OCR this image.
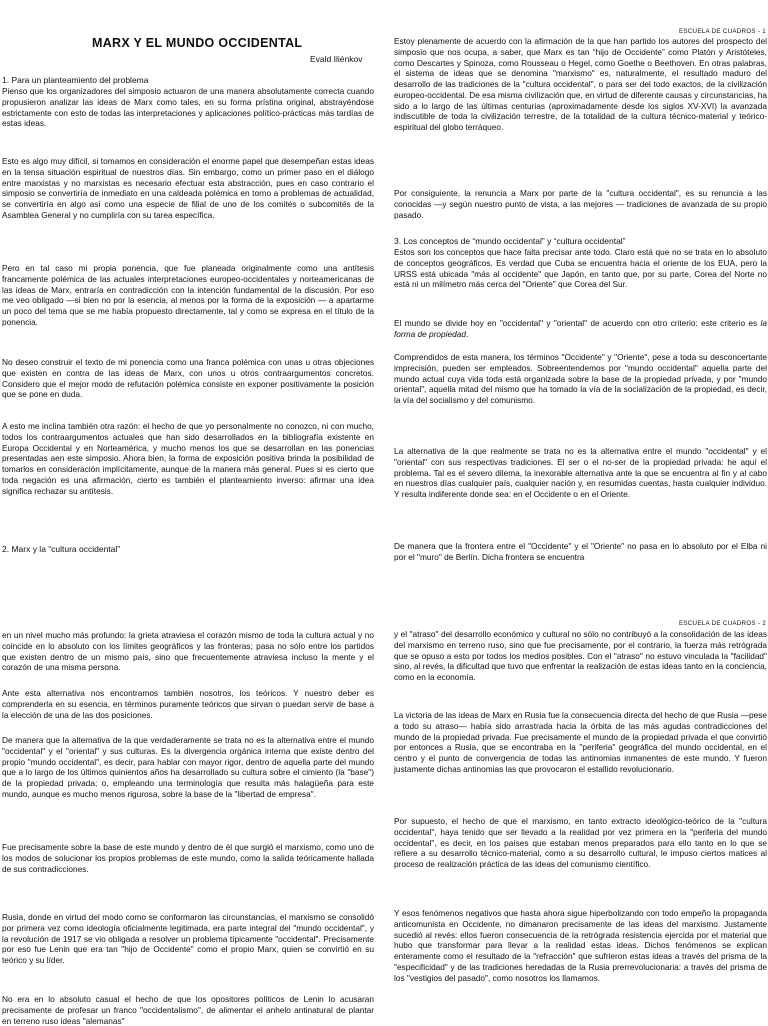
MARX Y EL MUNDO OCCIDENTAL
Evald Iliénkov
1. Para un planteamiento del problema

Pienso que los organizadores del simposio actuaron de una manera absolutamente correcta cuando propusieron analizar las ideas de Marx como tales, en su forma prístina original, abstrayéndose estrictamente con esto de todas las interpretaciones y aplicaciones político-prácticas más tardías de estas ideas.

Esto es algo muy difícil, si tomamos en consideración el enorme papel que desempeñan estas ideas en la tensa situación espiritual de nuestros días. Sin embargo, como un primer paso en el diálogo entre marxistas y no marxistas es necesario efectuar esta abstracción, pues en caso contrario el simposio se convertiría de inmediato en una caldeada polémica en torno a problemas de actualidad, se convertiría en algo así como una especie de filial de uno de los comités o subcomités de la Asamblea General y no cumpliría con su tarea específica.

Pero en tal caso mi propia ponencia, que fue planeada originalmente como una antítesis francamente polémica de las actuales interpretaciones europeo-occidentales y norteamericanas de las ideas de Marx, entraría en contradicción con la intención fundamental de la discusión. Por eso me veo obligado —si bien no por la esencia, al menos por la forma de la exposición — a apartarme un poco del tema que se me había propuesto directamente, tal y como se expresa en el título de la ponencia.

No deseo construir el texto de mi ponencia como una franca polémica con unas u otras objeciones que existen en contra de las ideas de Marx, con unos u otros contraargumentos concretos. Considero que el mejor modo de refutación polémica consiste en exponer positivamente la posición que se pone en duda.

A esto me inclina también otra razón: el hecho de que yo personalmente no conozco, ni con mucho, todos los contraargumentos actuales que han sido desarrollados en la bibliografía existente en Europa Occidental y en Norteamérica, y mucho menos los que se desarrollan en las ponencias presentadas aen este simposio. Ahora bien, la forma de exposición positiva brinda la posibilidad de tomarlos en consideración implícitamente, aunque de la manera más general. Pues si es cierto que toda negación es una afirmación, cierto es también el planteamiento inverso: afirmar una idea significa rechazar su antítesis.

2. Marx y la “cultura occidental”
ESCUELA DE CUADROS - 1

Estoy plenamente de acuerdo con la afirmación de la que han partido los autores del prospecto del simposio que nos ocupa, a saber, que Marx es tan “hijo de Occidente” como Platón y Aristóteles, como Descartes y Spinoza, como Rousseau o Hegel, como Goethe o Beethoven. En otras palabras, el sistema de ideas que se denomina "marxismo" es, naturalmente, el resultado maduro del desarrollo de las tradiciones de la "cultura occidental", o para ser del todo exactos, de la civilización europeo-occidental. De esa misma civilización que, en virtud de diferente causas y circunstancias, ha sido a lo largo de las últimas centurias (aproximadamente desde los siglos XV-XVI) la avanzada indiscutible de toda la civilización terrestre, de la totalidad de la cultura técnico-material y teórico-espiritual del globo terráqueo.

Por consiguiente, la renuncia a Marx por parte de la "cultura occidental", es su renuncia a las conocidas —y según nuestro punto de vista, a las mejores — tradiciones de avanzada de su propio pasado.

3. Los conceptos de “mundo occidental” y “cultura occidental”

Estos son los conceptos que hace falta precisar ante todo. Claro está que no se trata en lo absoluto de conceptos geográficos. Es verdad que Cuba se encuentra hacia el oriente de los EUA, pero la URSS está ubicada "más al occidente" que Japón, en tanto que, por su parte, Corea del Norte no está ni un milímetro más cerca del "Oriente" que Corea del Sur.

El mundo se divide hoy en "occidental" y "oriental" de acuerdo con otro criterio: este criterio es la forma de propiedad.

Comprendidos de esta manera, los términos "Occidente" y "Oriente", pese a toda su desconcertante imprecisión, pueden ser empleados. Sobreentendemos por "mundo occidental" aquella parte del mundo actual cuya vida toda está organizada sobre la base de la propiedad privada, y por "mundo oriental", aquella mitad del mismo que ha tomado la vía de la socialización de la propiedad, es decir, la vía del socialismo y del comunismo.

La alternativa de la que realmente se trata no es la alternativa entre el mundo "occidental" y el "oriental" con sus respectivas tradiciones. El ser o el no-ser de la propiedad privada: he aquí el problema. Tal es el severo dilema, la inexorable alternativa ante la que se encuentra al fin y al cabo en nuestros días cualquier país, cualquier nación y, en resumidas cuentas, hasta cualquier individuo. Y resulta indiferente donde sea: en el Occidente o en el Oriente.

De manera que la frontera entre el "Occidente" y el "Oriente" no pasa en lo absoluto por el Elba ni por el "muro" de Berlín. Dicha frontera se encuentra

en un nivel mucho más profundo: la grieta atraviesa el corazón mismo de toda la cultura actual y no coincide en lo absoluto con los límites geográficos y las fronteras; pasa no sólo entre los partidos que existen dentro de un mismo país, sino que frecuentemente atraviesa incluso la mente y el corazón de una misma persona.

Ante esta alternativa nos encontramos también nosotros, los teóricos. Y nuestro deber es comprenderla en su esencia, en términos puramente teóricos que sirvan o puedan servir de base a la elección de una de las dos posiciones.

De manera que la alternativa de la que verdaderamente se trata no es la alternativa entre el mundo "occidental" y el "oriental" y sus culturas. Es la divergencia orgánica interna que existe dentro del propio "mundo occidental", es decir, para hablar con mayor rigor, dentro de aquella parte del mundo que a lo largo de los últimos quinientos años ha desarrollado su cultura sobre el cimiento (la "base") de la propiedad privada; o, empleando una terminología que resulta más halagüeña para este mundo, aunque es mucho menos rigurosa, sobre la base de la "libertad de empresa".

Fue precisamente sobre la base de este mundo y dentro de él que surgió el marxismo, como uno de los modos de solucionar los propios problemas de este mundo, como la salida teóricamente hallada de sus contradicciones.

Rusia, donde en virtud del modo como se conformaron las circunstancias, el marxismo se consolidó por primera vez como ideología oficialmente legitimada, era parte integral del "mundo occidental", y la revolución de 1917 se vio obligada a resolver un problema típicamente "occidental". Precisamente por eso fue Lenin que era tan "hijo de Occidente" como el propio Marx, quien se convirtió en su teórico y su líder.

No era en lo absoluto casual el hecho de que los opositores políticos de Lenin lo acusaran precisamente de profesar un franco "occidentalismo", de alimentar el anhelo antinatural de plantar en terreno ruso ideas "alemanas"

ESCUELA DE CUADROS - 2

y el "atraso" del desarrollo económico y cultural no sólo no contribuyó a la consolidación de las ideas del marxismo en terreno ruso, sino que fue precisamente, por el contrario, la fuerza más retrógrada que se opuso a esto por todos los medios posibles. Con el "atraso" no estuvo vinculada la "facilidad" sino, al revés, la dificultad que tuvo que enfrentar la realización de estas ideas tanto en la conciencia, como en la economía.

La victoria de las ideas de Marx en Rusia fue la consecuencia directa del hecho de que Rusia —pese a todo su atraso— había sido arrastrada hacia la órbita de las más agudas contradicciones del mundo de la propiedad privada. Fue precisamente el mundo de la propiedad privada el que convirtió por entonces a Rusia, que se encontraba en la "periferia" geográfica del mundo occidental, en el centro y el punto de convergencia de todas las antinomias inmanentes de este mundo. Y fueron justamente dichas antinomias las que provocaron el estallido revolucionario.

Por supuesto, el hecho de que el marxismo, en tanto extracto ideológico-teórico de la "cultura occidental", haya tenido que ser llevado a la realidad por vez primera en la "periferia del mundo occidental", es decir, en los países que estaban menos preparados para ello tanto en lo que se refiere a su desarrollo técnico-material, como a su desarrollo cultural, le impuso ciertos matices al proceso de realización práctica de las ideas del comunismo científico.

Y esos fenómenos negativos que hasta ahora sigue hiperbolizando con todo empeño la propaganda anticomunista en Occidente, no dimanaron precisamente de las ideas del marxismo. Justamente sucedió al revés: ellos fueron consecuencia de la retrógrada resistencia ejercida por el material que hubo que transformar para llevar a la realidad estas ideas. Dichos fenómenos se explican enteramente como el resultado de la "refracción" que sufrieron estas ideas a través del prisma de la "especificidad" y de las tradiciones heredadas de la Rusia prerrevolucionaria: a través del prisma de los "vestigios del pasado", como nosotros los llamamos.
